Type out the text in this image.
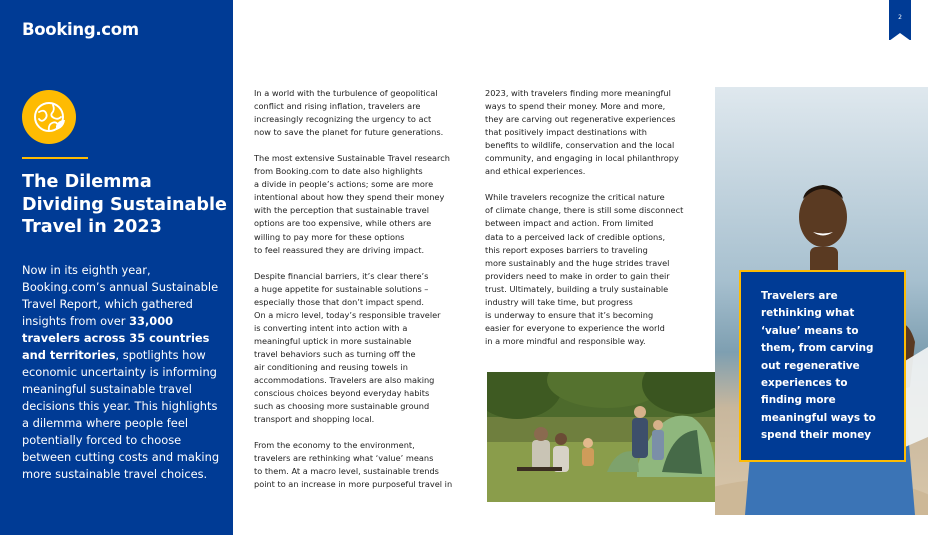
Booking.com
The Dilemma
Dividing Sustainable
Travel in 2023

Now in its eighth year, Booking.com’s annual Sustainable Travel Report, which gathered insights from over 33,000 travelers across 35 countries and territories, spotlights how economic uncertainty is informing meaningful sustainable travel decisions this year. This highlights a dilemma where people feel potentially forced to choose between cutting costs and making more sustainable travel choices.

2

In a world with the turbulence of geopolitical
conflict and rising inflation, travelers are
increasingly recognizing the urgency to act
now to save the planet for future generations.

The most extensive Sustainable Travel research
from Booking.com to date also highlights
a divide in people’s actions; some are more
intentional about how they spend their money
with the perception that sustainable travel
options are too expensive, while others are
willing to pay more for these options
to feel reassured they are driving impact.

Despite financial barriers, it’s clear there’s
a huge appetite for sustainable solutions –
especially those that don’t impact spend.
On a micro level, today’s responsible traveler
is converting intent into action with a
meaningful uptick in more sustainable
travel behaviors such as turning off the
air conditioning and reusing towels in
accommodations. Travelers are also making
conscious choices beyond everyday habits
such as choosing more sustainable ground
transport and shopping local.

From the economy to the environment,
travelers are rethinking what ‘value’ means
to them. At a macro level, sustainable trends
point to an increase in more purposeful travel in

2023, with travelers finding more meaningful
ways to spend their money. More and more,
they are carving out regenerative experiences
that positively impact destinations with
benefits to wildlife, conservation and the local
community, and engaging in local philanthropy
and ethical experiences.

While travelers recognize the critical nature
of climate change, there is still some disconnect
between impact and action. From limited
data to a perceived lack of credible options,
this report exposes barriers to traveling
more sustainably and the huge strides travel
providers need to make in order to gain their
trust. Ultimately, building a truly sustainable
industry will take time, but progress
is underway to ensure that it’s becoming
easier for everyone to experience the world
in a more mindful and responsible way.

Travelers are
rethinking what
‘value’ means to
them, from carving
out regenerative
experiences to
finding more
meaningful ways to
spend their money
